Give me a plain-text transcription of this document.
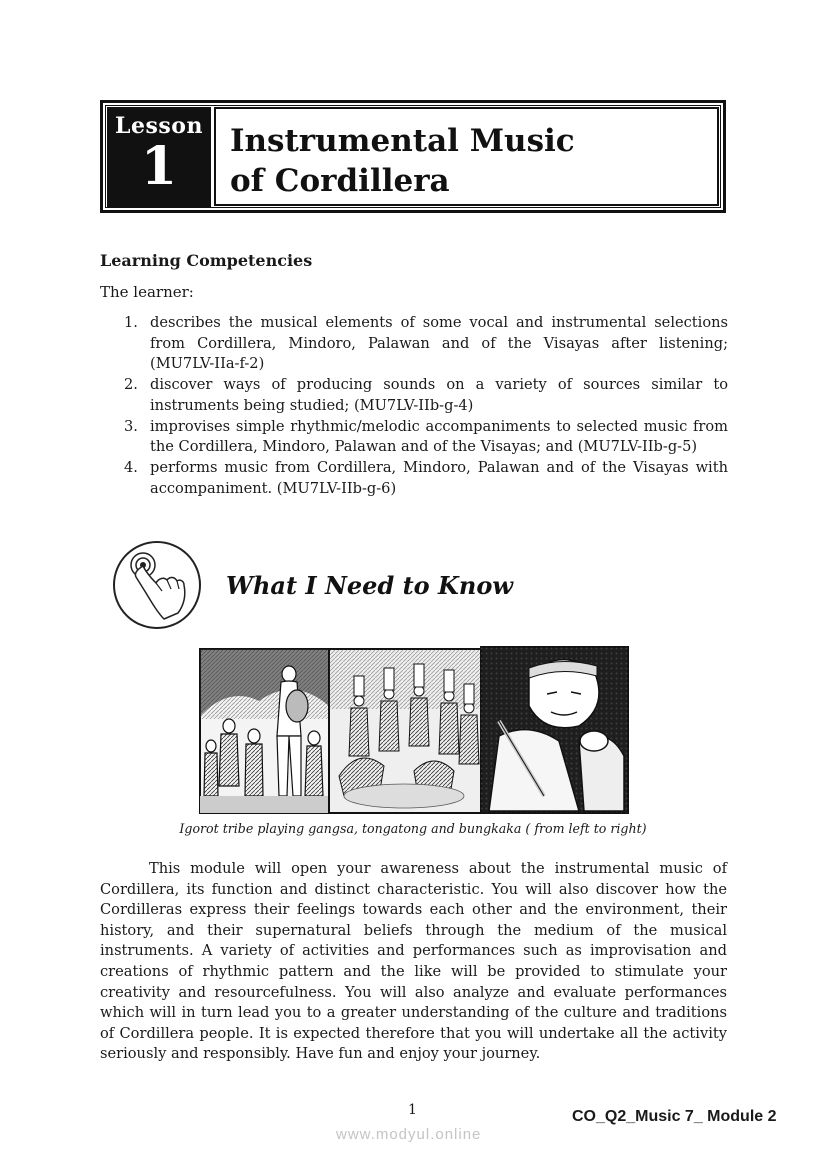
Lesson
1	Instrumental Music
of Cordillera
Learning Competencies
The learner:
1. describes the musical elements of some vocal and instrumental selections from Cordillera, Mindoro, Palawan and of the Visayas after listening; (MU7LV-IIa-f-2)
2. discover ways of producing sounds on a variety of sources similar to instruments being studied; (MU7LV-IIb-g-4)
3. improvises simple rhythmic/melodic accompaniments to selected music from the Cordillera, Mindoro, Palawan and of the Visayas; and (MU7LV-IIb-g-5)
4. performs music from Cordillera, Mindoro, Palawan and of the Visayas with accompaniment. (MU7LV-IIb-g-6)
What I Need to Know
Igorot tribe playing gangsa, tongatong and bungkaka ( from left to right)
This module will open your awareness about the instrumental music of Cordillera, its function and distinct characteristic. You will also discover how the Cordilleras express their feelings towards each other and the environment, their history, and their supernatural beliefs through the medium of the musical instruments. A variety of activities and performances such as improvisation and creations of rhythmic pattern and the like will be provided to stimulate your creativity and resourcefulness. You will also analyze and evaluate performances which will in turn lead you to a greater understanding of the culture and traditions of Cordillera people. It is expected therefore that you will undertake all the activity seriously and responsibly. Have fun and enjoy your journey.
1	CO_Q2_Music 7_ Module 2
www.modyul.online
